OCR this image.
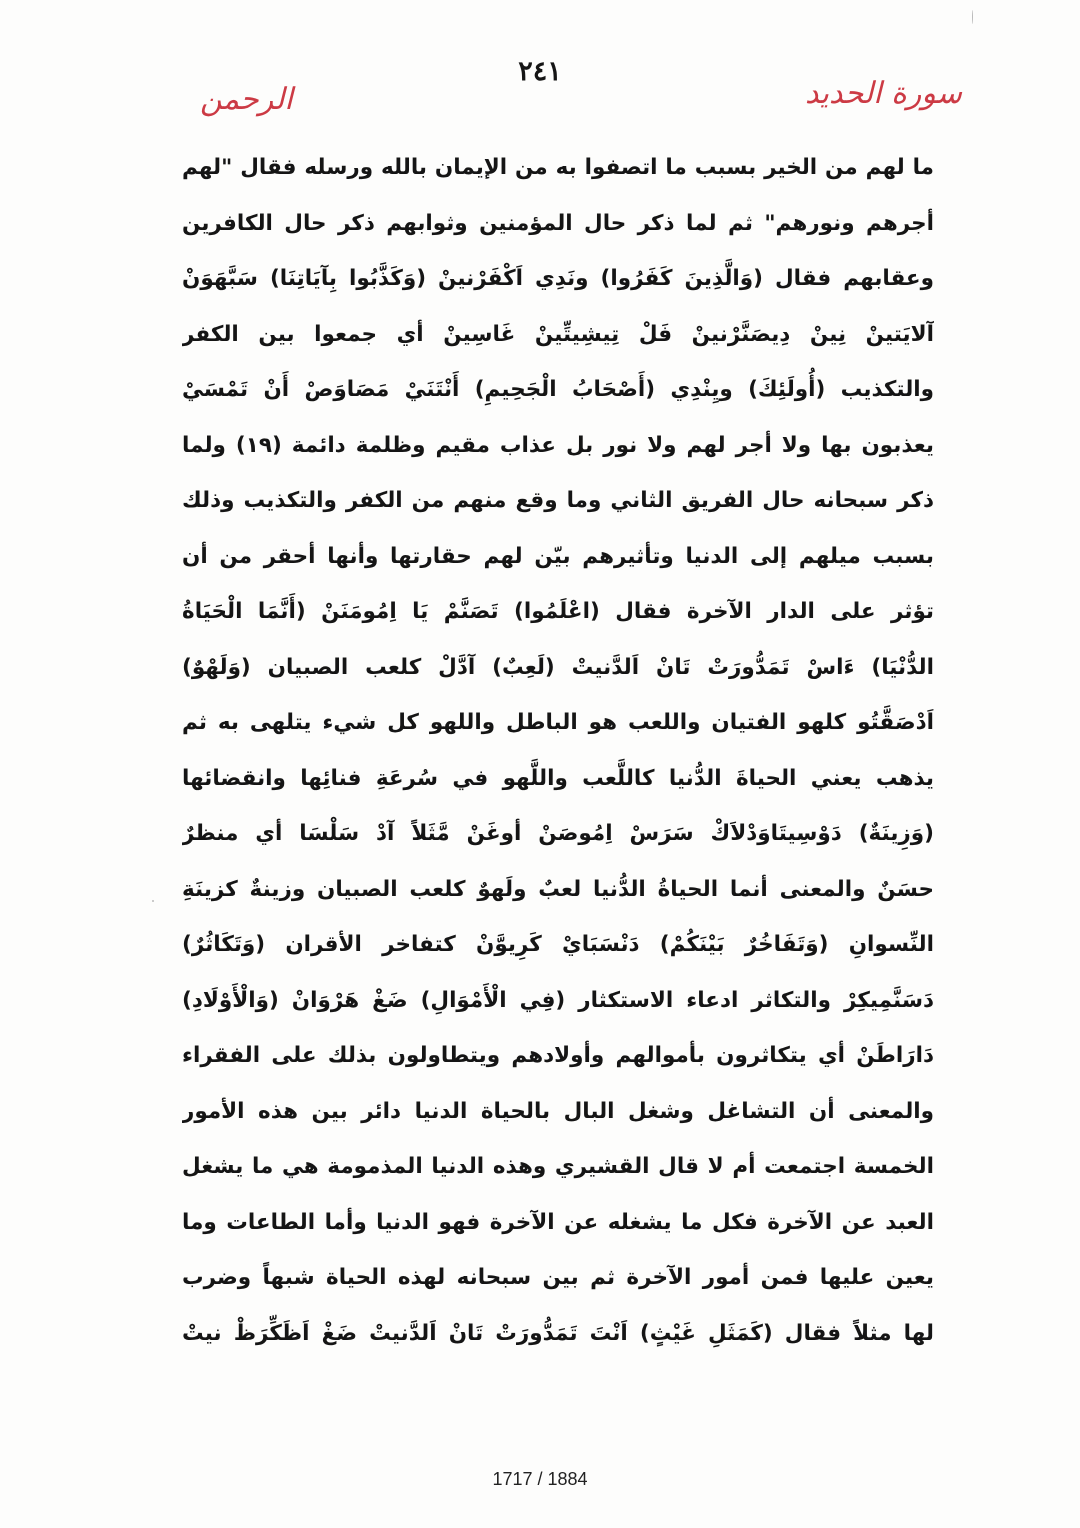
٢٤١
سورة الحديد
الرحمن
ما لهم من الخير بسبب ما اتصفوا به من الإيمان بالله ورسله فقال "لهم
أجرهم ونورهم" ثم لما ذكر حال المؤمنين وثوابهم ذكر حال الكافرين
وعقابهم فقال (وَالَّذِينَ كَفَرُوا) ونَدِي اَكْفَرْنينْ (وَكَذَّبُوا بِآيَاتِنَا) سَبَّهَوَنْ
آلايَتينْ نِينْ دِيصَنَّرْنينْ فَلْ تِيشِيتِّينْ غَاسِينْ أي جمعوا بين الكفر
والتكذيب (أُولَئِكَ) ويِنْدِي (أَصْحَابُ الْجَحِيمِ) أَنْتَنَيْ مَصَاوَصْ أَنْ تَمْسَيْ
يعذبون بها ولا أجر لهم ولا نور بل عذاب مقيم وظلمة دائمة (١٩) ولما
ذكر سبحانه حال الفريق الثاني وما وقع منهم من الكفر والتكذيب وذلك
بسبب ميلهم إلى الدنيا وتأثيرهم بيّن لهم حقارتها وأنها أحقر من أن
تؤثر على الدار الآخرة فقال (اعْلَمُوا) تَصَنَّمْ يَا اِمُومَنَنْ (أَنَّمَا الْحَيَاةُ
الدُّنْيَا) ءَاسْ تَمَدُّورَتْ تَانْ اَلدَّنيتْ (لَعِبٌ) آدَّلْ كلعب الصبيان (وَلَهْوٌ)
اَدْصَقَّتُو كلهو الفتيان واللعب هو الباطل واللهو كل شيء يتلهى به ثم
يذهب يعني الحياةَ الدُّنيا كاللَّعب واللَّهو في سُرعَةِ فنائِها وانقضائها
(وَزِينَةٌ) دَوْسِيتَاوَدْلاَكْ سَرَسْ اِمُوصَنْ أوغَنْ مَّثَلاً آدْ سَلْسَا أي منظرٌ
حسَنٌ والمعنى أنما الحياةُ الدُّنيا لعبٌ ولَهوٌ كلعب الصبيان وزينةٌ كزينَةِ
النِّسوانِ (وَتَفَاخُرٌ بَيْنَكُمْ) دَنْسَبَايْ كَرِيوَّنْ كتفاخر الأقران (وَتَكَاثُرٌ)
دَسَنَّمِيكِرْ والتكاثر ادعاء الاستكثار (فِي الْأَمْوَالِ) ضَغْ هَرْوَانْ (وَالْأَوْلَادِ)
دَارَاطَنْ أي يتكاثرون بأموالهم وأولادهم ويتطاولون بذلك على الفقراء
والمعنى أن التشاغل وشغل البال بالحياة الدنيا دائر بين هذه الأمور
الخمسة اجتمعت أم لا قال القشيري وهذه الدنيا المذمومة هي ما يشغل
العبد عن الآخرة فكل ما يشغله عن الآخرة فهو الدنيا وأما الطاعات وما
يعين عليها فمن أمور الآخرة ثم بين سبحانه لهذه الحياة شبهاً وضرب
لها مثلاً فقال (كَمَثَلِ غَيْثٍ) اَنْتَ تَمَدُّورَتْ تَانْ اَلدَّنيتْ ضَغْ اَظَكِّرَظْ نيتْ
1717 / 1884
